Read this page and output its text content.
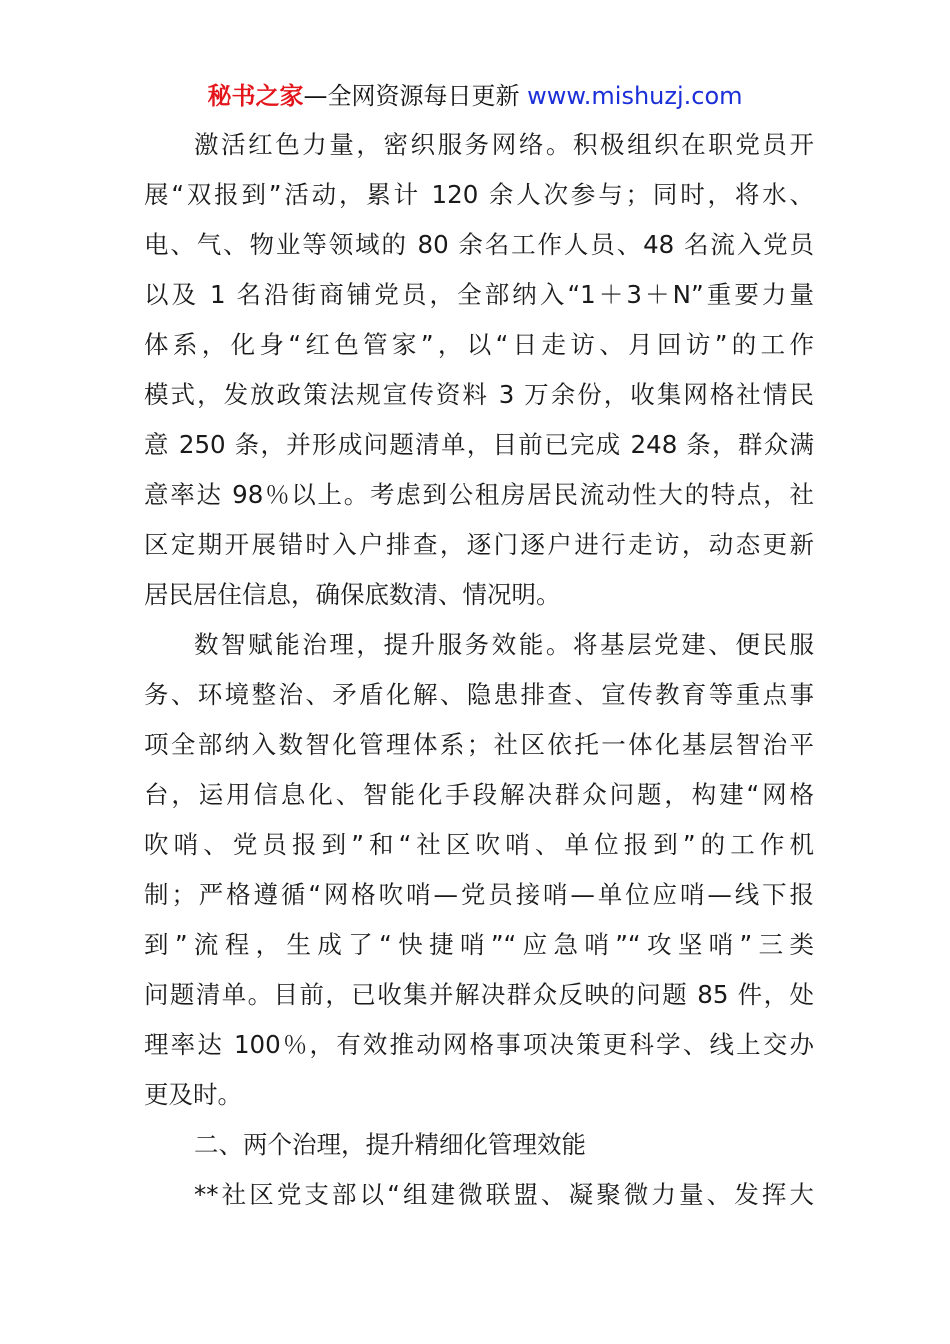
秘书之家—全网资源每日更新 www.mishuzj.com
激活红色力量，密织服务网络。积极组织在职党员开
展“双报到”活动，累计 120 余人次参与；同时，将水、
电、气、物业等领域的 80 余名工作人员、48 名流入党员
以及 1 名沿街商铺党员，全部纳入“1＋3＋N”重要力量
体系，化身“红色管家”，以“日走访、月回访”的工作
模式，发放政策法规宣传资料 3 万余份，收集网格社情民
意 250 条，并形成问题清单，目前已完成 248 条，群众满
意率达 98％以上。考虑到公租房居民流动性大的特点，社
区定期开展错时入户排查，逐门逐户进行走访，动态更新
居民居住信息，确保底数清、情况明。
数智赋能治理，提升服务效能。将基层党建、便民服
务、环境整治、矛盾化解、隐患排查、宣传教育等重点事
项全部纳入数智化管理体系；社区依托一体化基层智治平
台，运用信息化、智能化手段解决群众问题，构建“网格
吹哨、党员报到”和“社区吹哨、单位报到”的工作机
制；严格遵循“网格吹哨—党员接哨—单位应哨—线下报
到”流程，生成了“快捷哨”“应急哨”“攻坚哨”三类
问题清单。目前，已收集并解决群众反映的问题 85 件，处
理率达 100％，有效推动网格事项决策更科学、线上交办
更及时。
二、两个治理，提升精细化管理效能
**社区党支部以“组建微联盟、凝聚微力量、发挥大
